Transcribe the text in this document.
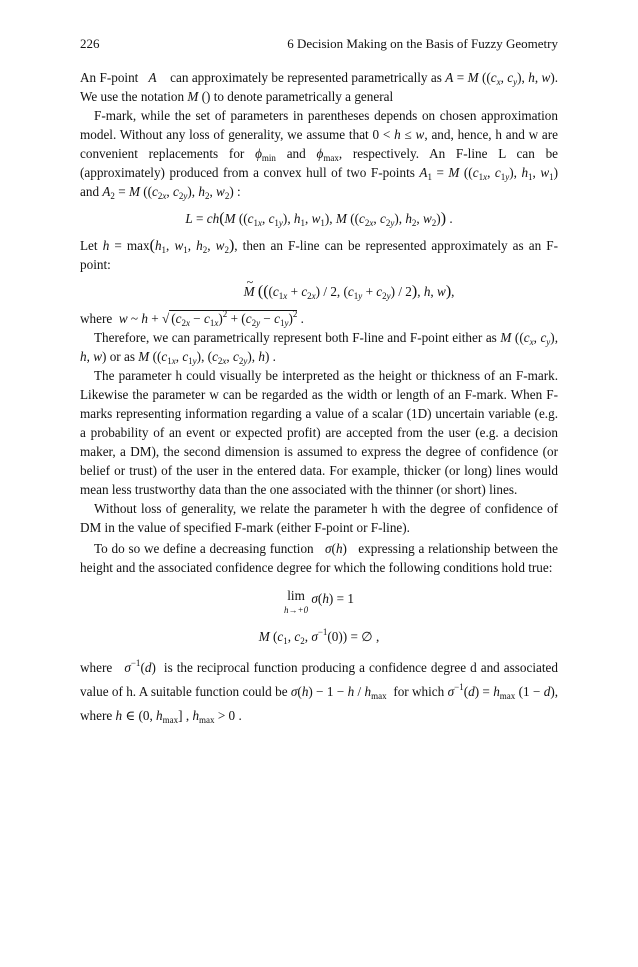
226	6 Decision Making on the Basis of Fuzzy Geometry

An F-point A can approximately be represented parametrically as A = M (($c_x$, $c_y$), h, w). We use the notation M () to denote parametrically a general

F-mark, while the set of parameters in parentheses depends on chosen approximation model. Without any loss of generality, we assume that 0 < h ≤ w, and, hence, h and w are convenient replacements for $\phi_{min}$ and $\phi_{max}$, respectively. An F-line L can be (approximately) produced from a convex hull of two F-points $A_1 = M$ (($c_{1x}$, $c_{1y}$), $h_1$, $w_1$) and $A_2 = M$ (($c_{2x}$, $c_{2y}$), $h_2$, $w_2$) :

L = ch(M (($c_{1x}$, $c_{1y}$), $h_1$, $w_1$), M (($c_{2x}$, $c_{2y}$), $h_2$, $w_2$)) .

Let $h = \max(h_1$, $w_1$, $h_2$, $w_2$), then an F-line can be represented approximately as an F-point:

~ M (($(c_{1x} + c_{2x}) / 2$, $(c_{1y} + c_{2y}) / 2$), h, w),

where w ~ h + √ $(c_{2x} - c_{1x})^2 + (c_{2y} - c_{1y})^2$ .

Therefore, we can parametrically represent both F-line and F-point either as M (($c_x$, $c_y$), h, w) or as M (($c_{1x}$, $c_{1y}$), ($c_{2x}$, $c_{2y}$), h) .

The parameter h could visually be interpreted as the height or thickness of an F-mark. Likewise the parameter w can be regarded as the width or length of an F-mark. When F-marks representing information regarding a value of a scalar (1D) uncertain variable (e.g. a probability of an event or expected profit) are accepted from the user (e.g. a decision maker, a DM), the second dimension is assumed to express the degree of confidence (or belief or trust) of the user in the entered data. For example, thicker (or long) lines would mean less trustworthy data than the one associated with the thinner (or short) lines.

Without loss of generality, we relate the parameter h with the degree of confidence of DM in the value of specified F-mark (either F-point or F-line).

To do so we define a decreasing function σ(h)   expressing a relationship between the height and the associated confidence degree for which the following conditions hold true:

lim
h→+0
σ(h) = 1
M ($c_1$, $c_2$, $\sigma^{-1}(0)$) = ∅ ,

where $\sigma^{-1}(d)$  is the reciprocal function producing a confidence degree d and associated value of h. A suitable function could be $\sigma(h) - 1 - h / h_{max}$ for which $\sigma^{-1}(d) = h_{max}$ (1 − d), where h ∈ (0, $h_{max}$] , $h_{max} > 0$ .
